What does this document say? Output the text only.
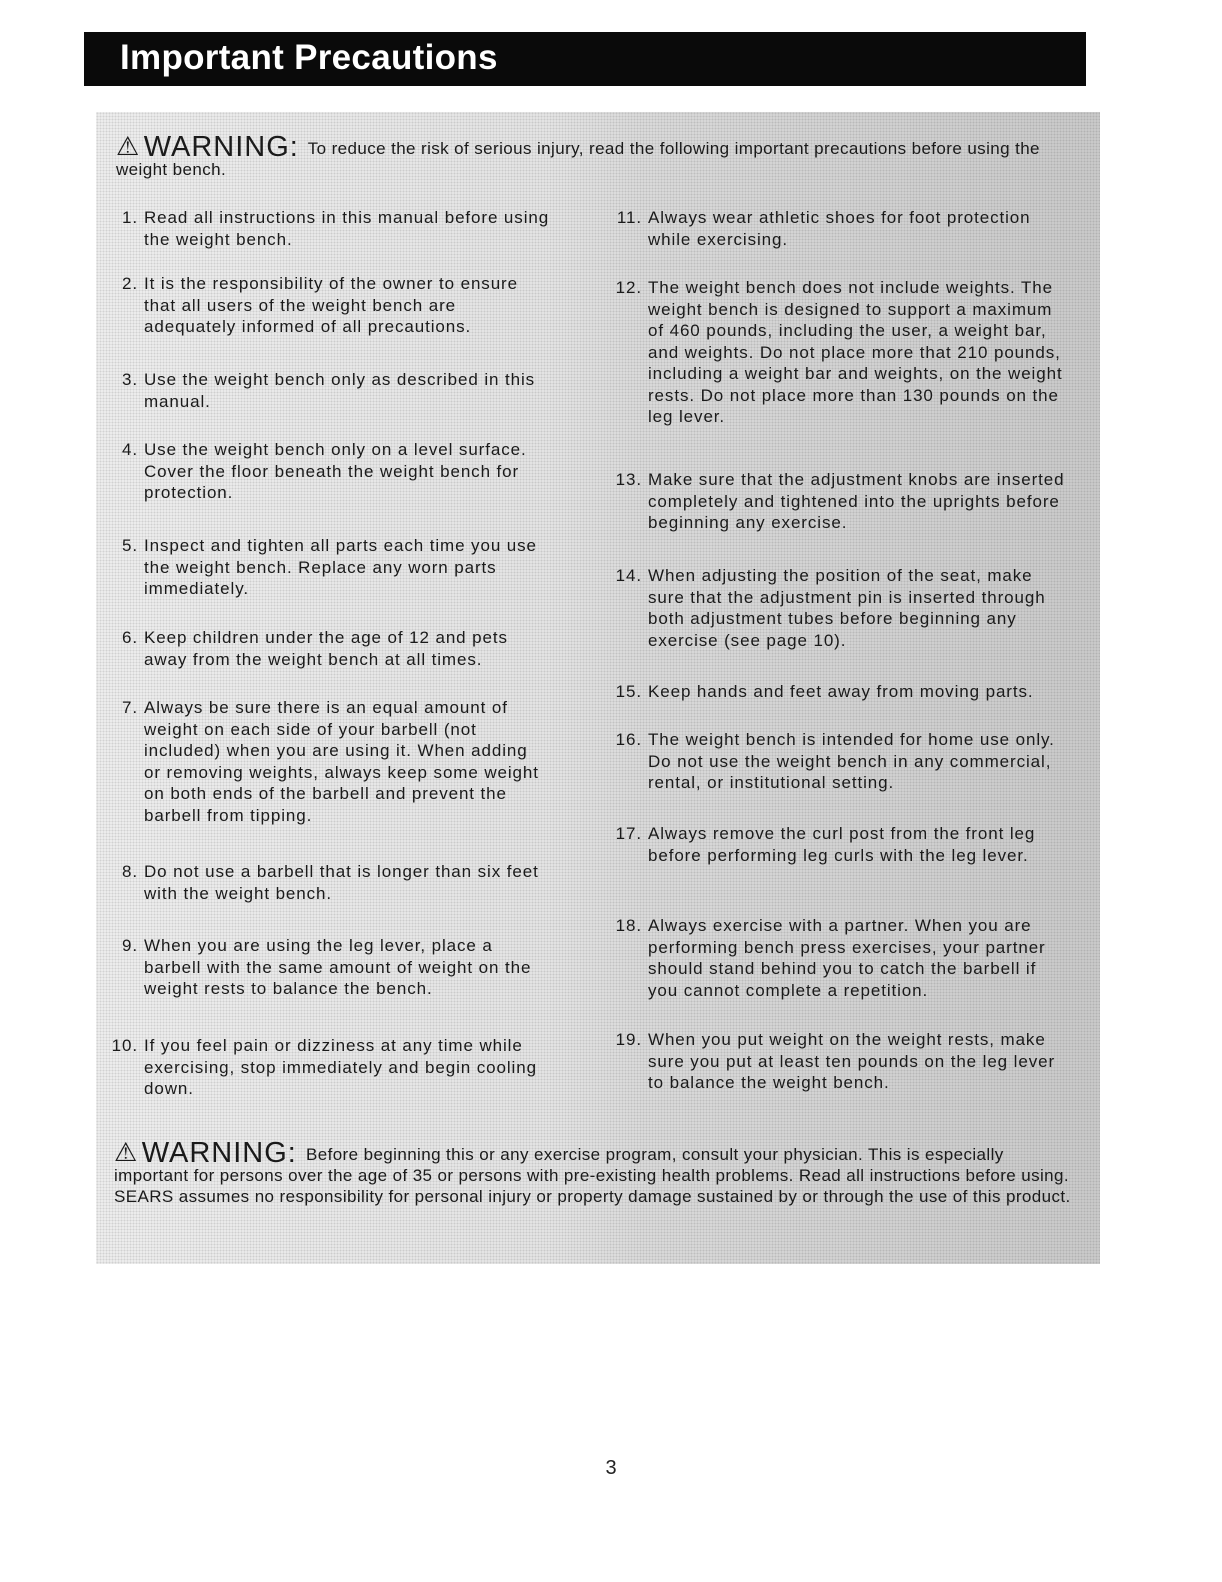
Important Precautions
⚠ WARNING: To reduce the risk of serious injury, read the following important precautions before using the weight bench.
1. Read all instructions in this manual before using the weight bench.
2. It is the responsibility of the owner to ensure that all users of the weight bench are adequately informed of all precautions.
3. Use the weight bench only as described in this manual.
4. Use the weight bench only on a level surface. Cover the floor beneath the weight bench for protection.
5. Inspect and tighten all parts each time you use the weight bench. Replace any worn parts immediately.
6. Keep children under the age of 12 and pets away from the weight bench at all times.
7. Always be sure there is an equal amount of weight on each side of your barbell (not included) when you are using it. When adding or removing weights, always keep some weight on both ends of the barbell and prevent the barbell from tipping.
8. Do not use a barbell that is longer than six feet with the weight bench.
9. When you are using the leg lever, place a barbell with the same amount of weight on the weight rests to balance the bench.
10. If you feel pain or dizziness at any time while exercising, stop immediately and begin cooling down.
11. Always wear athletic shoes for foot protection while exercising.
12. The weight bench does not include weights. The weight bench is designed to support a maximum of 460 pounds, including the user, a weight bar, and weights. Do not place more that 210 pounds, including a weight bar and weights, on the weight rests. Do not place more than 130 pounds on the leg lever.
13. Make sure that the adjustment knobs are inserted completely and tightened into the uprights before beginning any exercise.
14. When adjusting the position of the seat, make sure that the adjustment pin is inserted through both adjustment tubes before beginning any exercise (see page 10).
15. Keep hands and feet away from moving parts.
16. The weight bench is intended for home use only. Do not use the weight bench in any commercial, rental, or institutional setting.
17. Always remove the curl post from the front leg before performing leg curls with the leg lever.
18. Always exercise with a partner. When you are performing bench press exercises, your partner should stand behind you to catch the barbell if you cannot complete a repetition.
19. When you put weight on the weight rests, make sure you put at least ten pounds on the leg lever to balance the weight bench.
⚠ WARNING: Before beginning this or any exercise program, consult your physician. This is especially important for persons over the age of 35 or persons with pre-existing health problems. Read all instructions before using. SEARS assumes no responsibility for personal injury or property damage sustained by or through the use of this product.
3
